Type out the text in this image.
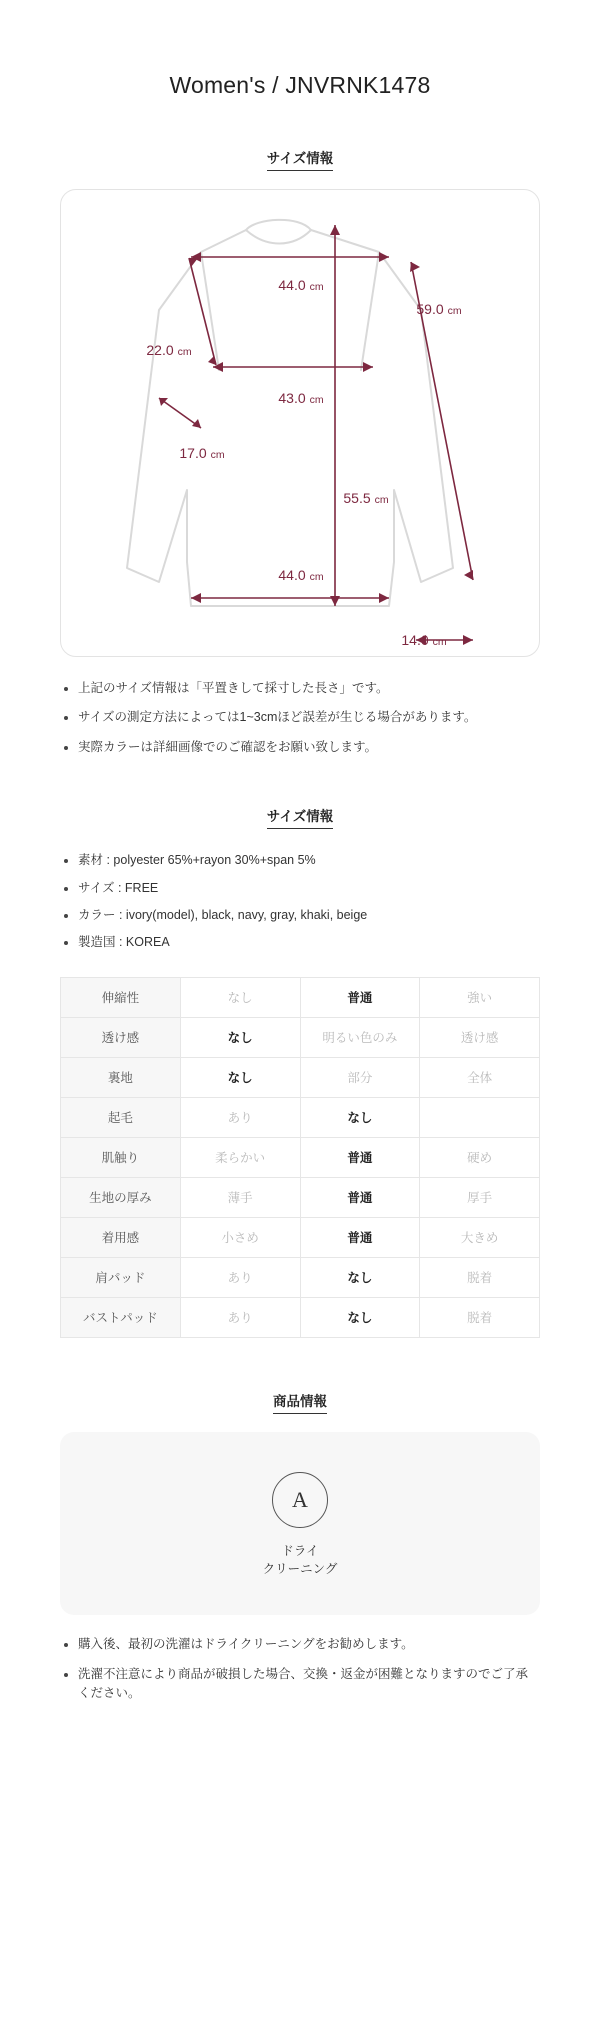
Women's / JNVRNK1478
サイズ情報
44.0 cm
59.0 cm
22.0 cm
43.0 cm
17.0 cm
55.5 cm
44.0 cm
14.0 cm
上記のサイズ情報は「平置きして採寸した長さ」です。
サイズの測定方法によっては1~3cmほど誤差が生じる場合があります。
実際カラーは詳細画像でのご確認をお願い致します。
サイズ情報
素材 : polyester 65%+rayon 30%+span 5%
サイズ : FREE
カラー : ivory(model), black, navy, gray, khaki, beige
製造国 : KOREA
伸縮性	なし	普通	強い
透け感	なし	明るい色のみ	透け感
裏地	なし	部分	全体
起毛	あり	なし	
肌触り	柔らかい	普通	硬め
生地の厚み	薄手	普通	厚手
着用感	小さめ	普通	大きめ
肩パッド	あり	なし	脱着
バストパッド	あり	なし	脱着
商品情報
A
ドライ
クリーニング
購入後、最初の洗濯はドライクリーニングをお勧めします。
洗濯不注意により商品が破損した場合、交換・返金が困難となりますのでご了承ください。
